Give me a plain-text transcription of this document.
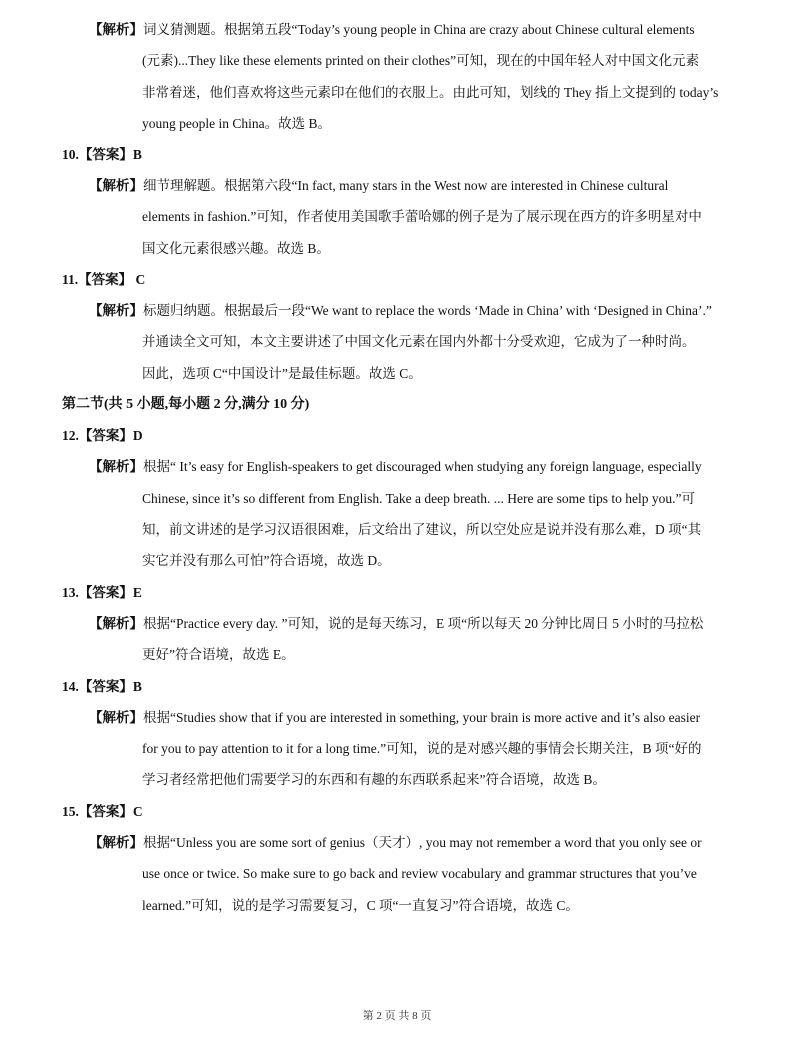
【解析】词义猜测题。根据第五段“Today’s young people in China are crazy about Chinese cultural elements
(元素)...They like these elements printed on their clothes”可知，现在的中国年轻人对中国文化元素
非常着迷，他们喜欢将这些元素印在他们的衣服上。由此可知，划线的 They 指上文提到的 today’s
young people in China。故选 B。
10.【答案】B
【解析】细节理解题。根据第六段“In fact, many stars in the West now are interested in Chinese cultural
elements in fashion.”可知，作者使用美国歌手蕾哈娜的例子是为了展示现在西方的许多明星对中
国文化元素很感兴趣。故选 B。
11.【答案】 C
【解析】标题归纳题。根据最后一段“We want to replace the words ‘Made in China’ with ‘Designed in China’.”
并通读全文可知，本文主要讲述了中国文化元素在国内外都十分受欢迎，它成为了一种时尚。
因此，选项 C“中国设计”是最佳标题。故选 C。
第二节(共 5 小题,每小题 2 分,满分 10 分)
12.【答案】D
【解析】根据“ It’s easy for English-speakers to get discouraged when studying any foreign language, especially
Chinese, since it’s so different from English. Take a deep breath. ... Here are some tips to help you.”可
知，前文讲述的是学习汉语很困难，后文给出了建议，所以空处应是说并没有那么难，D 项“其
实它并没有那么可怕”符合语境，故选 D。
13.【答案】E
【解析】根据“Practice every day. ”可知，说的是每天练习，E 项“所以每天 20 分钟比周日 5 小时的马拉松
更好”符合语境，故选 E。
14.【答案】B
【解析】根据“Studies show that if you are interested in something, your brain is more active and it’s also easier
for you to pay attention to it for a long time.”可知，说的是对感兴趣的事情会长期关注，B 项“好的
学习者经常把他们需要学习的东西和有趣的东西联系起来”符合语境，故选 B。
15.【答案】C
【解析】根据“Unless you are some sort of genius（天才）, you may not remember a word that you only see or
use once or twice. So make sure to go back and review vocabulary and grammar structures that you’ve
learned.”可知，说的是学习需要复习，C 项“一直复习”符合语境，故选 C。
第 2 页 共 8 页
